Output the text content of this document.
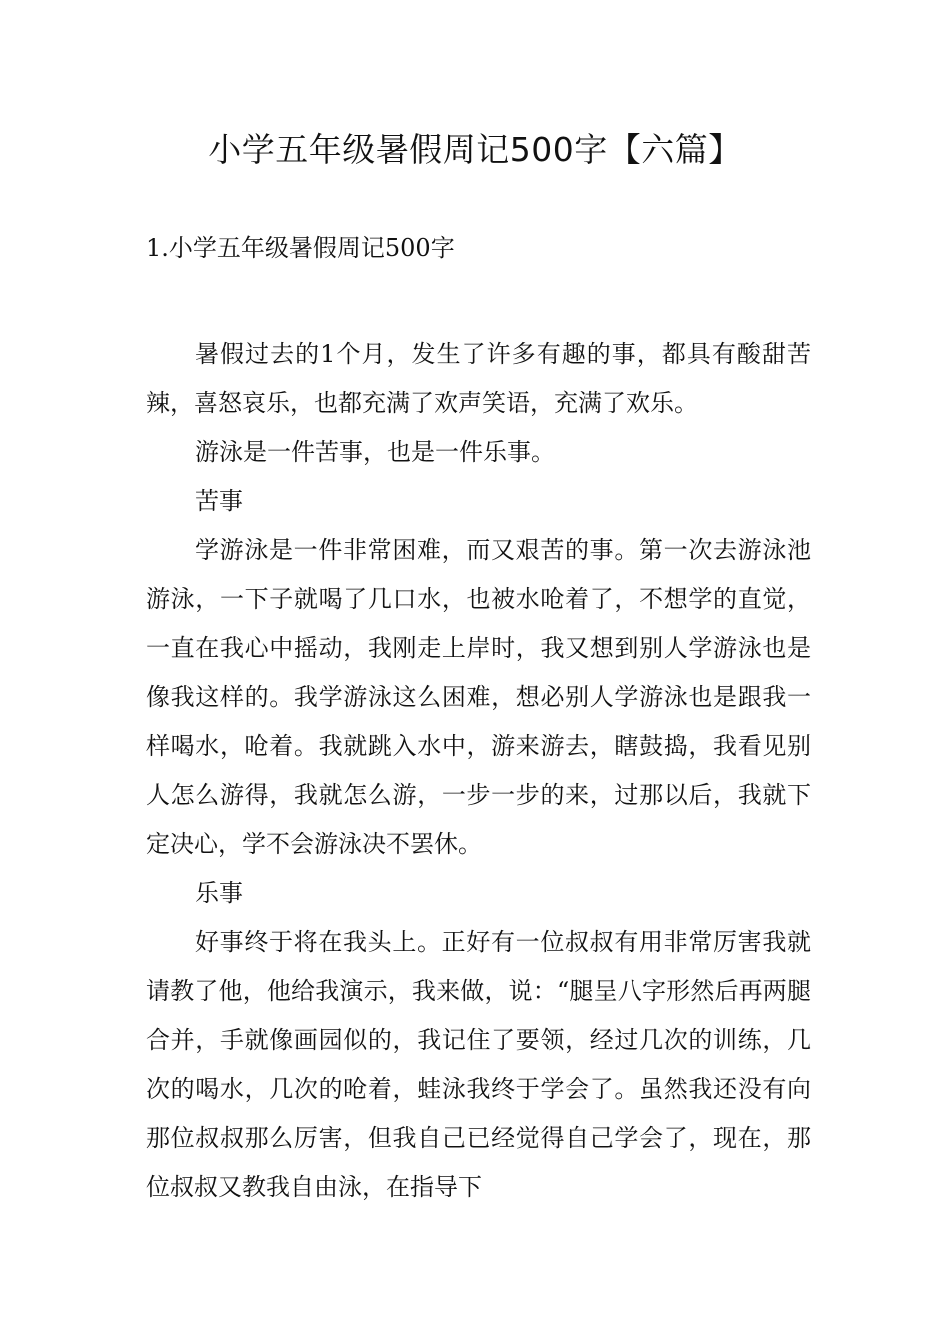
小学五年级暑假周记500字【六篇】
1.小学五年级暑假周记500字

暑假过去的1个月，发生了许多有趣的事，都具有酸甜苦辣，喜怒哀乐，也都充满了欢声笑语，充满了欢乐。

游泳是一件苦事，也是一件乐事。

苦事

学游泳是一件非常困难，而又艰苦的事。第一次去游泳池游泳，一下子就喝了几口水，也被水呛着了，不想学的直觉，一直在我心中摇动，我刚走上岸时，我又想到别人学游泳也是像我这样的。我学游泳这么困难，想必别人学游泳也是跟我一样喝水，呛着。我就跳入水中，游来游去，瞎鼓捣，我看见别人怎么游得，我就怎么游，一步一步的来，过那以后，我就下定决心，学不会游泳决不罢休。

乐事

好事终于将在我头上。正好有一位叔叔有用非常厉害我就请教了他，他给我演示，我来做，说：“腿呈八字形然后再两腿合并，手就像画园似的，我记住了要领，经过几次的训练，几次的喝水，几次的呛着，蛙泳我终于学会了。虽然我还没有向那位叔叔那么厉害，但我自己已经觉得自己学会了，现在，那位叔叔又教我自由泳，在指导下
